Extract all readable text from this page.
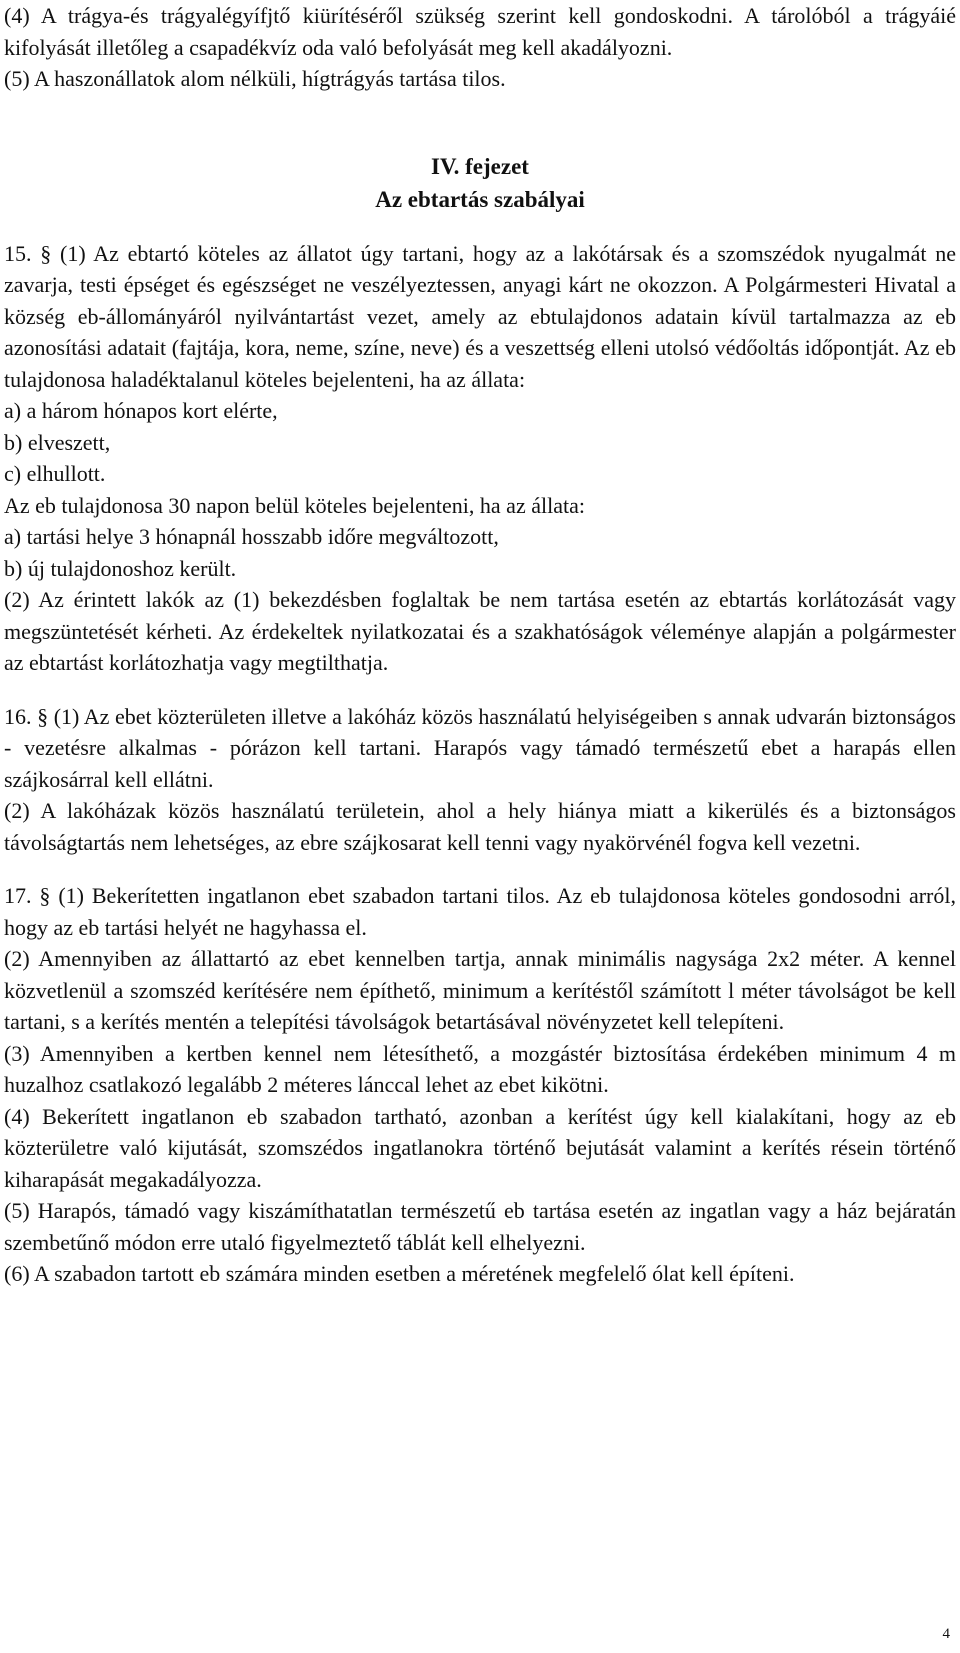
(4) A trágya-és trágyalégyífjtő kiürítéséről szükség szerint kell gondoskodni. A tárolóból a trágyáié kifolyását illetőleg a csapadékvíz oda való befolyását meg kell akadályozni.

(5) A haszonállatok alom nélküli, hígtrágyás tartása tilos.

IV. fejezet

Az ebtartás szabályai

15. § (1) Az ebtartó köteles az állatot úgy tartani, hogy az a lakótársak és a szomszédok nyugalmát ne zavarja, testi épséget és egészséget ne veszélyeztessen, anyagi kárt ne okozzon. A Polgármesteri Hivatal a község eb-állományáról nyilvántartást vezet, amely az ebtulajdonos adatain kívül tartalmazza az eb azonosítási adatait (fajtája, kora, neme, színe, neve) és a veszettség elleni utolsó védőoltás időpontját. Az eb tulajdonosa haladéktalanul köteles bejelenteni, ha az állata:

a) a három hónapos kort elérte,

b) elveszett,

c) elhullott.

Az eb tulajdonosa 30 napon belül köteles bejelenteni, ha az állata:

a) tartási helye 3 hónapnál hosszabb időre megváltozott,

b) új tulajdonoshoz került.

(2) Az érintett lakók az (1) bekezdésben foglaltak be nem tartása esetén az ebtartás korlátozását vagy megszüntetését kérheti. Az érdekeltek nyilatkozatai és a szakhatóságok véleménye alapján a polgármester az ebtartást korlátozhatja vagy megtilthatja.

16. § (1) Az ebet közterületen illetve a lakóház közös használatú helyiségeiben s annak udvarán biztonságos - vezetésre alkalmas - pórázon kell tartani. Harapós vagy támadó természetű ebet a harapás ellen szájkosárral kell ellátni.

(2) A lakóházak közös használatú területein, ahol a hely hiánya miatt a kikerülés és a biztonságos távolságtartás nem lehetséges, az ebre szájkosarat kell tenni vagy nyakörvénél fogva kell vezetni.

17. § (1) Bekerítetten ingatlanon ebet szabadon tartani tilos. Az eb tulajdonosa köteles gondosodni arról, hogy az eb tartási helyét ne hagyhassa el.

(2) Amennyiben az állattartó az ebet kennelben tartja, annak minimális nagysága 2x2 méter. A kennel közvetlenül a szomszéd kerítésére nem építhető, minimum a kerítéstől számított l méter távolságot be kell tartani, s a kerítés mentén a telepítési távolságok betartásával növényzetet kell telepíteni.

(3) Amennyiben a kertben kennel nem létesíthető, a mozgástér biztosítása érdekében minimum 4 m huzalhoz csatlakozó legalább 2 méteres lánccal lehet az ebet kikötni.

(4) Bekerített ingatlanon eb szabadon tartható, azonban a kerítést úgy kell kialakítani, hogy az eb közterületre való kijutását, szomszédos ingatlanokra történő bejutását valamint a kerítés résein történő kiharapását megakadályozza.

(5) Harapós, támadó vagy kiszámíthatatlan természetű eb tartása esetén az ingatlan vagy a ház bejáratán szembetűnő módon erre utaló figyelmeztető táblát kell elhelyezni.

(6) A szabadon tartott eb számára minden esetben a méretének megfelelő ólat kell építeni.

4
